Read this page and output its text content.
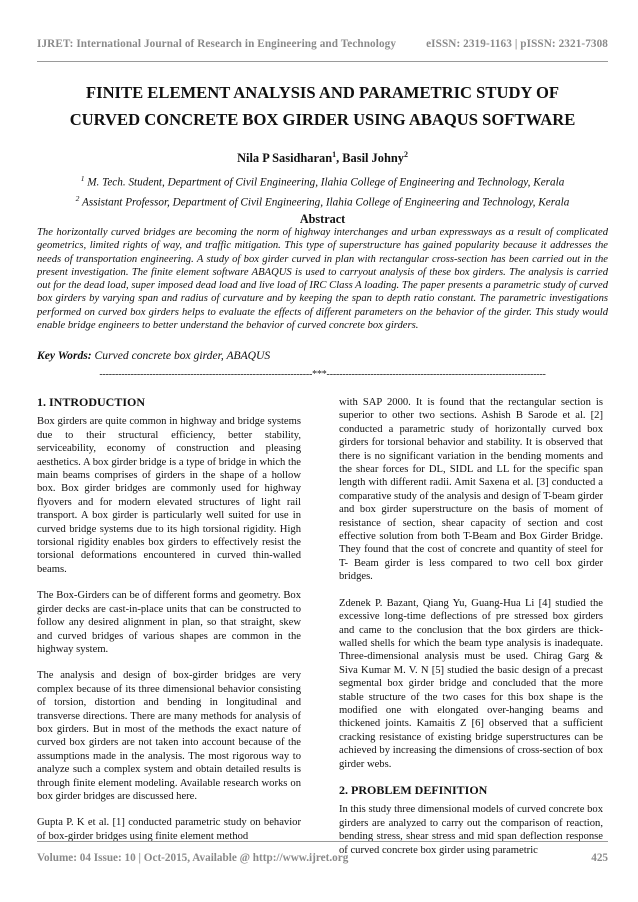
IJRET: International Journal of Research in Engineering and Technology	eISSN: 2319-1163 | pISSN: 2321-7308
FINITE ELEMENT ANALYSIS AND PARAMETRIC STUDY OF
CURVED CONCRETE BOX GIRDER USING ABAQUS SOFTWARE
Nila P Sasidharan$^1$, Basil Johny$^2$
$^1$ M. Tech. Student, Department of Civil Engineering, Ilahia College of Engineering and Technology, Kerala
$^2$ Assistant Professor, Department of Civil Engineering, Ilahia College of Engineering and Technology, Kerala
Abstract
The horizontally curved bridges are becoming the norm of highway interchanges and urban expressways as a result of complicated geometrics, limited rights of way, and traffic mitigation. This type of superstructure has gained popularity because it addresses the needs of transportation engineering. A study of box girder curved in plan with rectangular cross-section has been carried out in the present investigation. The finite element software ABAQUS is used to carryout analysis of these box girders. The analysis is carried out for the dead load, super imposed dead load and live load of IRC Class A loading. The paper presents a parametric study of curved box girders by varying span and radius of curvature and by keeping the span to depth ratio constant. The parametric investigations performed on curved box girders helps to evaluate the effects of different parameters on the behavior of the girder. This study would enable bridge engineers to better understand the behavior of curved concrete box girders.
Key Words: Curved concrete box girder, ABAQUS
--------------------------------------------------------------------***----------------------------------------------------------------------
1. INTRODUCTION

Box girders are quite common in highway and bridge systems due to their structural efficiency, better stability, serviceability, economy of construction and pleasing aesthetics. A box girder bridge is a type of bridge in which the main beams comprises of girders in the shape of a hollow box. Box girder bridges are commonly used for highway flyovers and for modern elevated structures of light rail transport. A box girder is particularly well suited for use in curved bridge systems due to its high torsional rigidity. High torsional rigidity enables box girders to effectively resist the torsional deformations encountered in curved thin-walled beams.

The Box-Girders can be of different forms and geometry. Box girder decks are cast-in-place units that can be constructed to follow any desired alignment in plan, so that straight, skew and curved bridges of various shapes are common in the highway system.

The analysis and design of box-girder bridges are very complex because of its three dimensional behavior consisting of torsion, distortion and bending in longitudinal and transverse directions. There are many methods for analysis of box girders. But in most of the methods the exact nature of curved box girders are not taken into account because of the assumptions made in the analysis. The most rigorous way to analyze such a complex system and obtain detailed results is through finite element modeling. Available research works on box girder bridges are discussed here.

Gupta P. K et al. [1] conducted parametric study on behavior of box-girder bridges using finite element method

with SAP 2000. It is found that the rectangular section is superior to other two sections. Ashish B Sarode et al. [2] conducted a parametric study of horizontally curved box girders for torsional behavior and stability. It is observed that there is no significant variation in the bending moments and the shear forces for DL, SIDL and LL for the specific span length with different radii. Amit Saxena et al. [3] conducted a comparative study of the analysis and design of T-beam girder and box girder superstructure on the basis of moment of resistance of section, shear capacity of section and cost effective solution from both T-Beam and Box Girder Bridge. They found that the cost of concrete and quantity of steel for T- Beam girder is less compared to two cell box girder bridges.

Zdenek P. Bazant, Qiang Yu, Guang-Hua Li [4] studied the excessive long-time deflections of pre stressed box girders and came to the conclusion that the box girders are thick-walled shells for which the beam type analysis is inadequate. Three-dimensional analysis must be used. Chirag Garg & Siva Kumar M. V. N [5] studied the basic design of a precast segmental box girder bridge and concluded that the more stable structure of the two cases for this box shape is the modified one with elongated over-hanging beams and thickened joints. Kamaitis Z [6] observed that a sufficient cracking resistance of existing bridge superstructures can be achieved by increasing the dimensions of cross-section of box girder webs.

2. PROBLEM DEFINITION

In this study three dimensional models of curved concrete box girders are analyzed to carry out the comparison of reaction, bending stress, shear stress and mid span deflection response of curved concrete box girder using parametric

Volume: 04 Issue: 10 | Oct-2015, Available @ http://www.ijret.org	425
